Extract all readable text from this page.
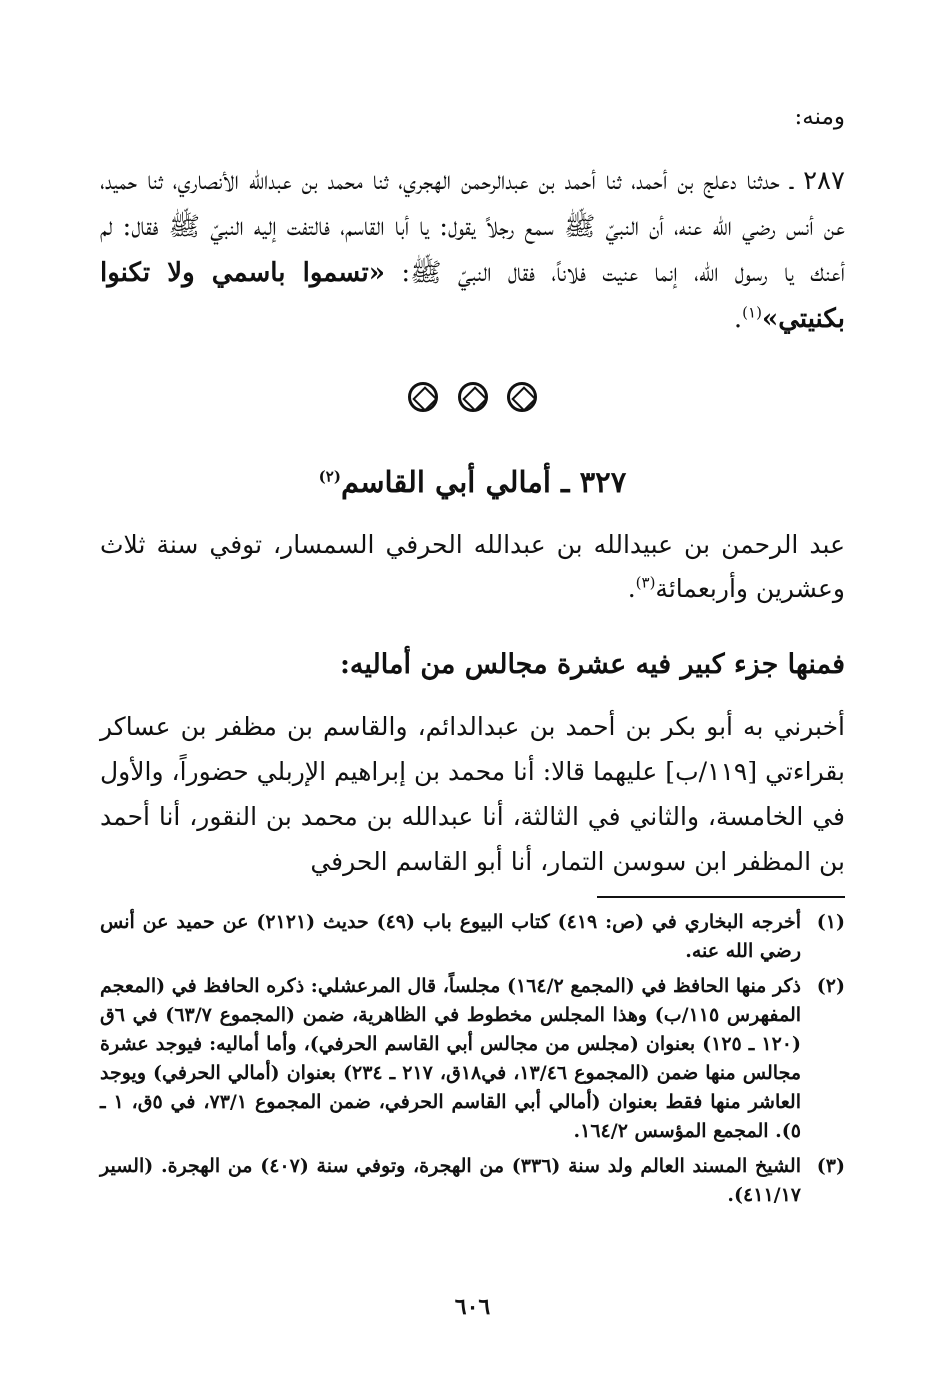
ومنه:

٢٨٧ ـ حدثنا دعلج بن أحمد، ثنا أحمد بن عبدالرحمن الهجري، ثنا محمد بن عبدالله الأنصاري، ثنا حميد، عن أنس رضي الله عنه، أن النبيّ ﷺ سمع رجلاً يقول: يا أبا القاسم، فالتفت إليه النبيّ ﷺ فقال: لم أعنك يا رسول الله، إنما عنيت فلاناً، فقال النبيّ ﷺ: «تسموا باسمي ولا تكنوا بكنيتي»$^{(١)}$.

٣٢٧ ـ أمالي أبي القاسم$^{(٢)}$

عبد الرحمن بن عبيدالله بن عبدالله الحرفي السمسار، توفي سنة ثلاث وعشرين وأربعمائة$^{(٣)}$.

فمنها جزء كبير فيه عشرة مجالس من أماليه:
أخبرني به أبو بكر بن أحمد بن عبدالدائم، والقاسم بن مظفر بن عساكر بقراءتي [١١٩/ب] عليهما قالا: أنا محمد بن إبراهيم الإربلي حضوراً، والأول في الخامسة، والثاني في الثالثة، أنا عبدالله بن محمد بن النقور، أنا أحمد بن المظفر ابن سوسن التمار، أنا أبو القاسم الحرفي
(١)
أخرجه البخاري في (ص: ٤١٩) كتاب البيوع باب (٤٩) حديث (٢١٢١) عن حميد عن أنس رضي الله عنه.
(٢)
ذكر منها الحافظ في (المجمع ١٦٤/٢) مجلساً، قال المرعشلي: ذكره الحافظ في (المعجم المفهرس ١١٥/ب) وهذا المجلس مخطوط في الظاهرية، ضمن (المجموع ٦٣/٧) في ٦ق (١٢٠ ـ ١٢٥) بعنوان (مجلس من مجالس أبي القاسم الحرفي)، وأما أماليه: فيوجد عشرة مجالس منها ضمن (المجموع ١٣/٤٦، في١٨ق، ٢١٧ ـ ٢٣٤) بعنوان (أمالي الحرفي) ويوجد العاشر منها فقط بعنوان (أمالي أبي القاسم الحرفي، ضمن المجموع ٧٣/١، في ٥ق، ١ ـ ٥). المجمع المؤسس ١٦٤/٢.
(٣)
الشيخ المسند العالم ولد سنة (٣٣٦) من الهجرة، وتوفي سنة (٤٠٧) من الهجرة. (السير ٤١١/١٧).
٦٠٦
